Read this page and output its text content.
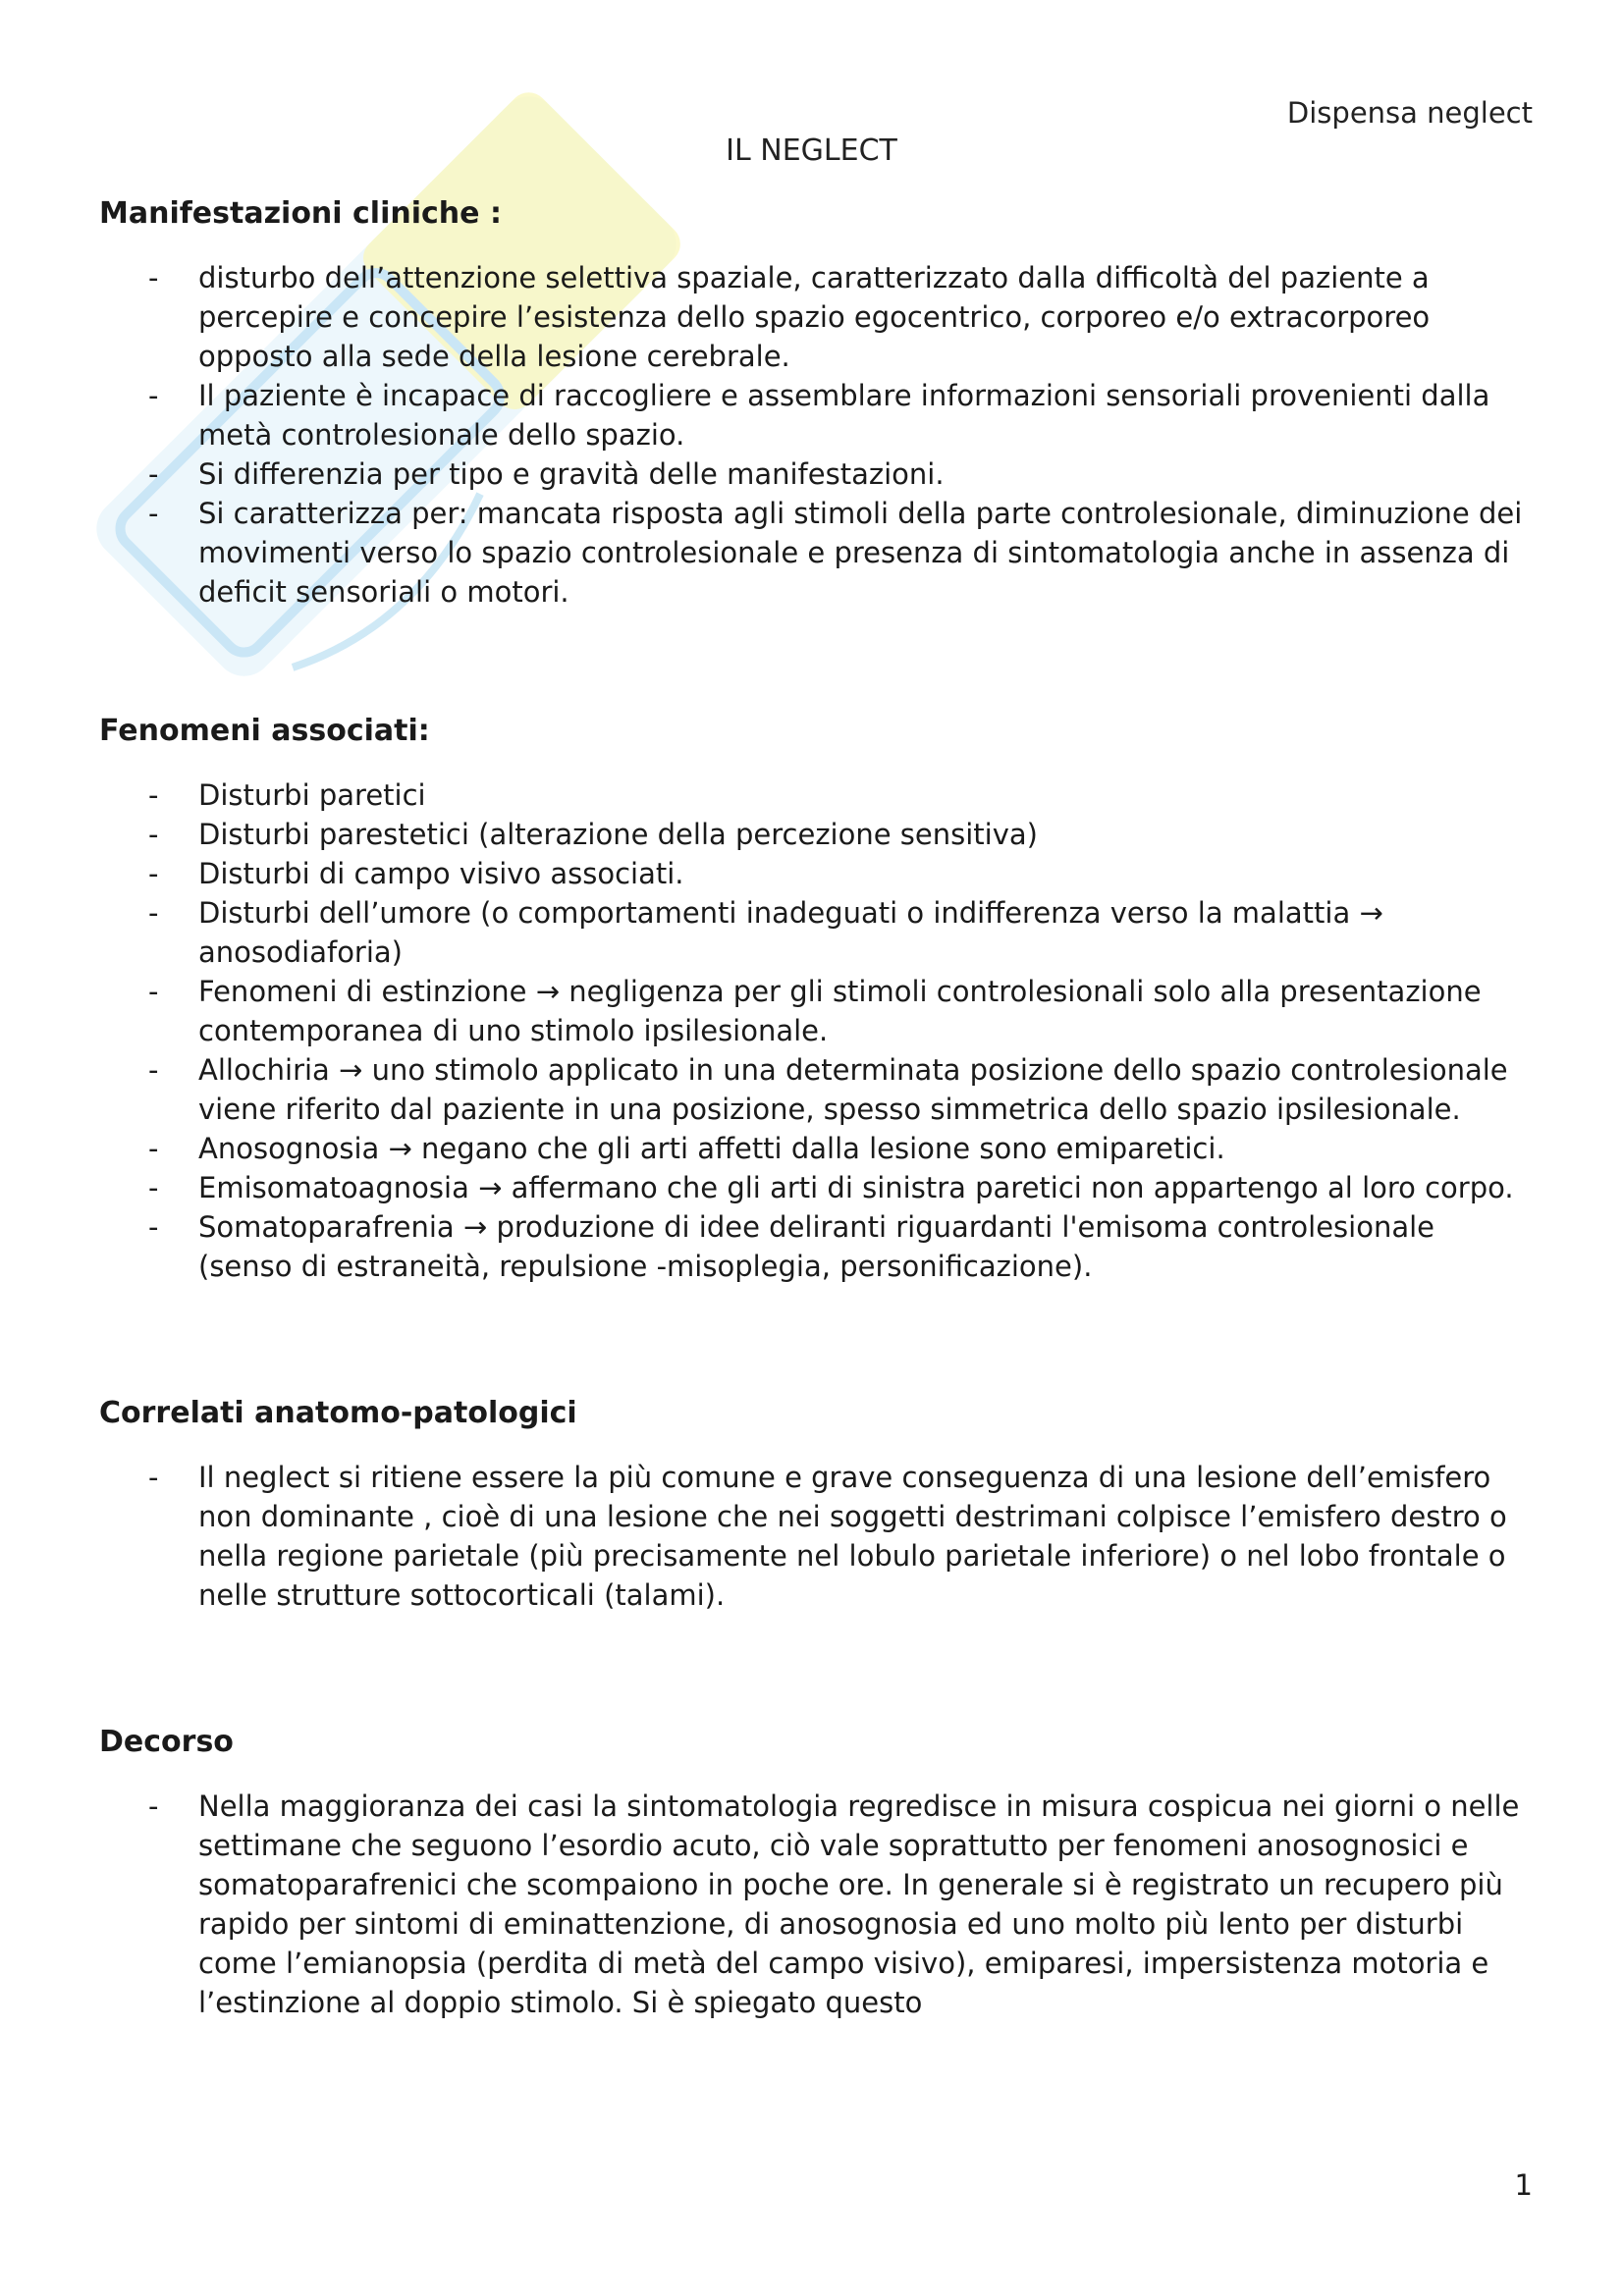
Dispensa neglect
IL NEGLECT
Manifestazioni cliniche :
- disturbo dell’attenzione selettiva spaziale, caratterizzato dalla difficoltà del paziente a percepire e concepire l’esistenza dello spazio egocentrico, corporeo e/o extracorporeo opposto alla sede della lesione cerebrale.
- Il paziente è incapace di raccogliere e assemblare informazioni sensoriali provenienti dalla metà controlesionale dello spazio.
- Si differenzia per tipo e gravità delle manifestazioni.
- Si caratterizza per: mancata risposta agli stimoli della parte controlesionale, diminuzione dei movimenti verso lo spazio controlesionale e presenza di sintomatologia anche in assenza di deficit sensoriali o motori.
Fenomeni associati:
- Disturbi paretici
- Disturbi parestetici (alterazione della percezione sensitiva)
- Disturbi di campo visivo associati.
- Disturbi dell’umore (o comportamenti inadeguati o indifferenza verso la malattia → anosodiaforia)
- Fenomeni di estinzione → negligenza per gli stimoli controlesionali solo alla presentazione contemporanea di uno stimolo ipsilesionale.
- Allochiria → uno stimolo applicato in una determinata posizione dello spazio controlesionale viene riferito dal paziente in una posizione, spesso simmetrica dello spazio ipsilesionale.
- Anosognosia → negano che gli arti affetti dalla lesione sono emiparetici.
- Emisomatoagnosia → affermano che gli arti di sinistra paretici non appartengo al loro corpo.
- Somatoparafrenia → produzione di idee deliranti riguardanti l'emisoma controlesionale (senso di estraneità, repulsione -misoplegia, personificazione).
Correlati anatomo-patologici
- Il neglect si ritiene essere la più comune e grave conseguenza di una lesione dell’emisfero non dominante , cioè di una lesione che nei soggetti destrimani colpisce l’emisfero destro o nella regione parietale (più precisamente nel lobulo parietale inferiore) o nel lobo frontale o nelle strutture sottocorticali (talami).
Decorso
- Nella maggioranza dei casi la sintomatologia regredisce in misura cospicua nei giorni o nelle settimane che seguono l’esordio acuto, ciò vale soprattutto per fenomeni anosognosici e somatoparafrenici che scompaiono in poche ore. In generale si è registrato un recupero più rapido per sintomi di eminattenzione, di anosognosia ed uno molto più lento per disturbi come l’emianopsia (perdita di metà del campo visivo), emiparesi, impersistenza motoria e l’estinzione al doppio stimolo. Si è spiegato questo
1
